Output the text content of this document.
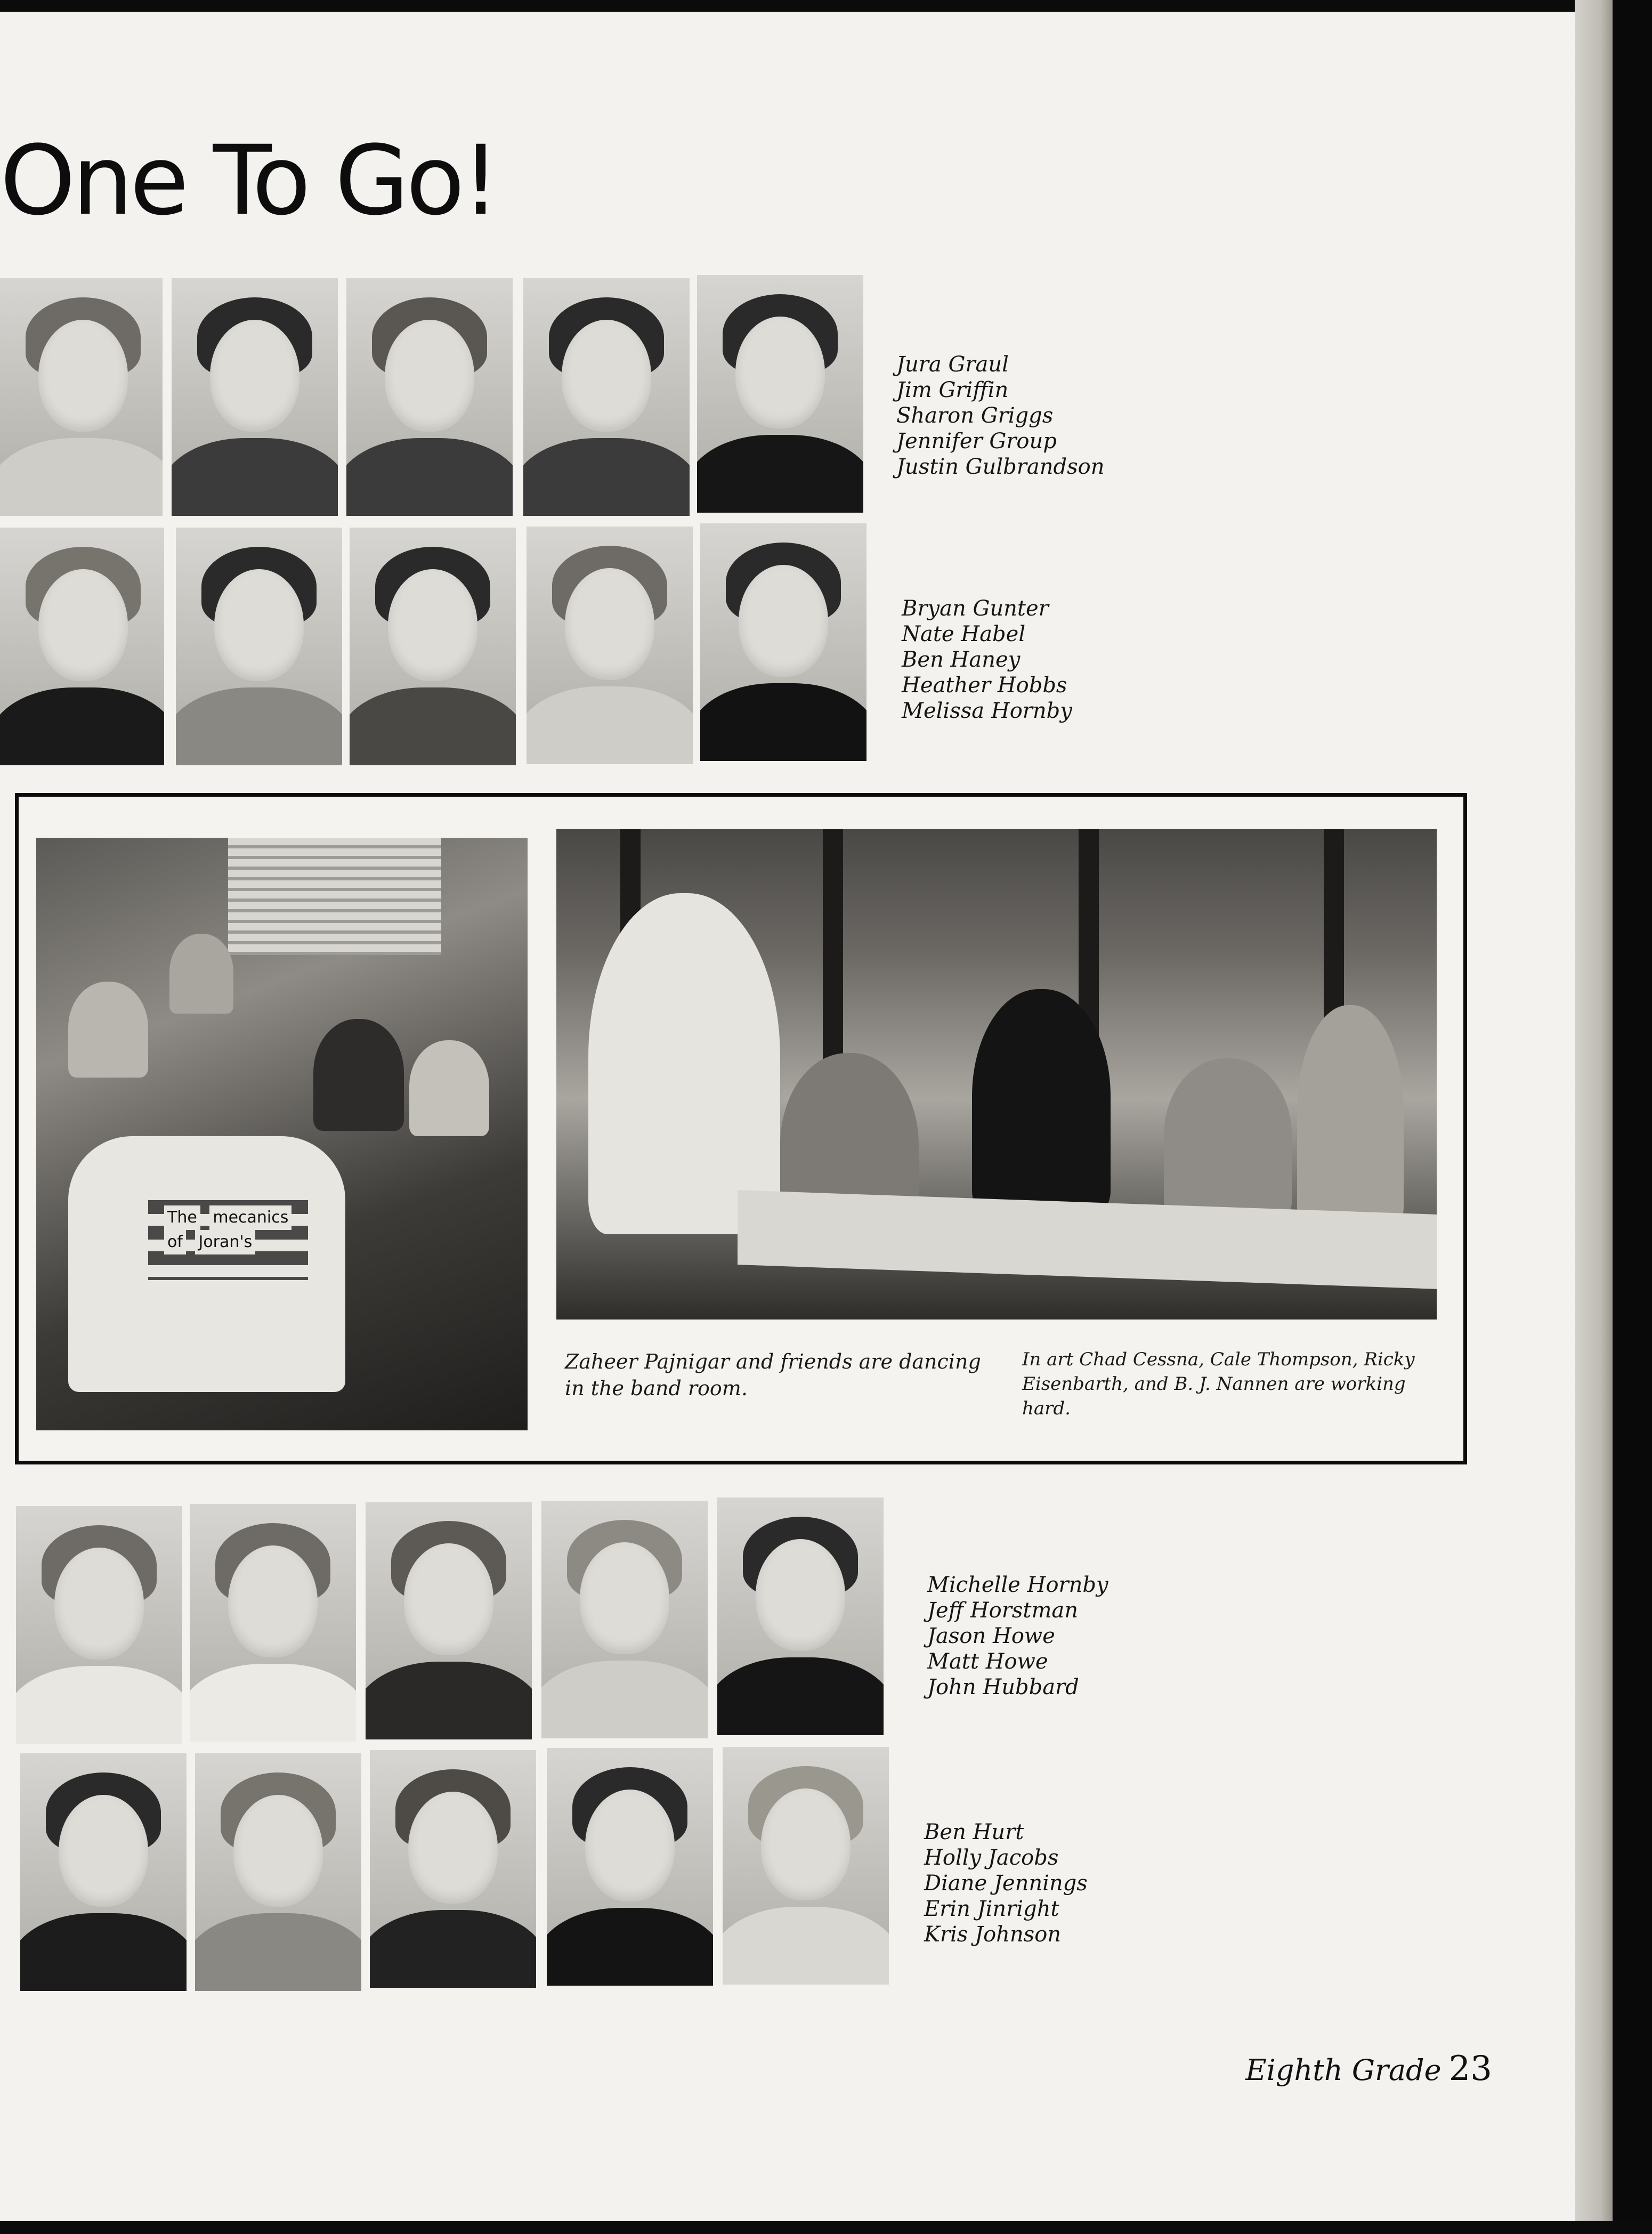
One To Go!
Jura Graul
Jim Griffin
Sharon Griggs
Jennifer Group
Justin Gulbrandson
Bryan Gunter
Nate Habel
Ben Haney
Heather Hobbs
Melissa Hornby
The mecanics
of Joran's
Zaheer Pajnigar and friends are dancing in the band room.
In art Chad Cessna, Cale Thompson, Ricky Eisenbarth, and B. J. Nannen are working hard.
Michelle Hornby
Jeff Horstman
Jason Howe
Matt Howe
John Hubbard
Ben Hurt
Holly Jacobs
Diane Jennings
Erin Jinright
Kris Johnson
Eighth Grade 23
